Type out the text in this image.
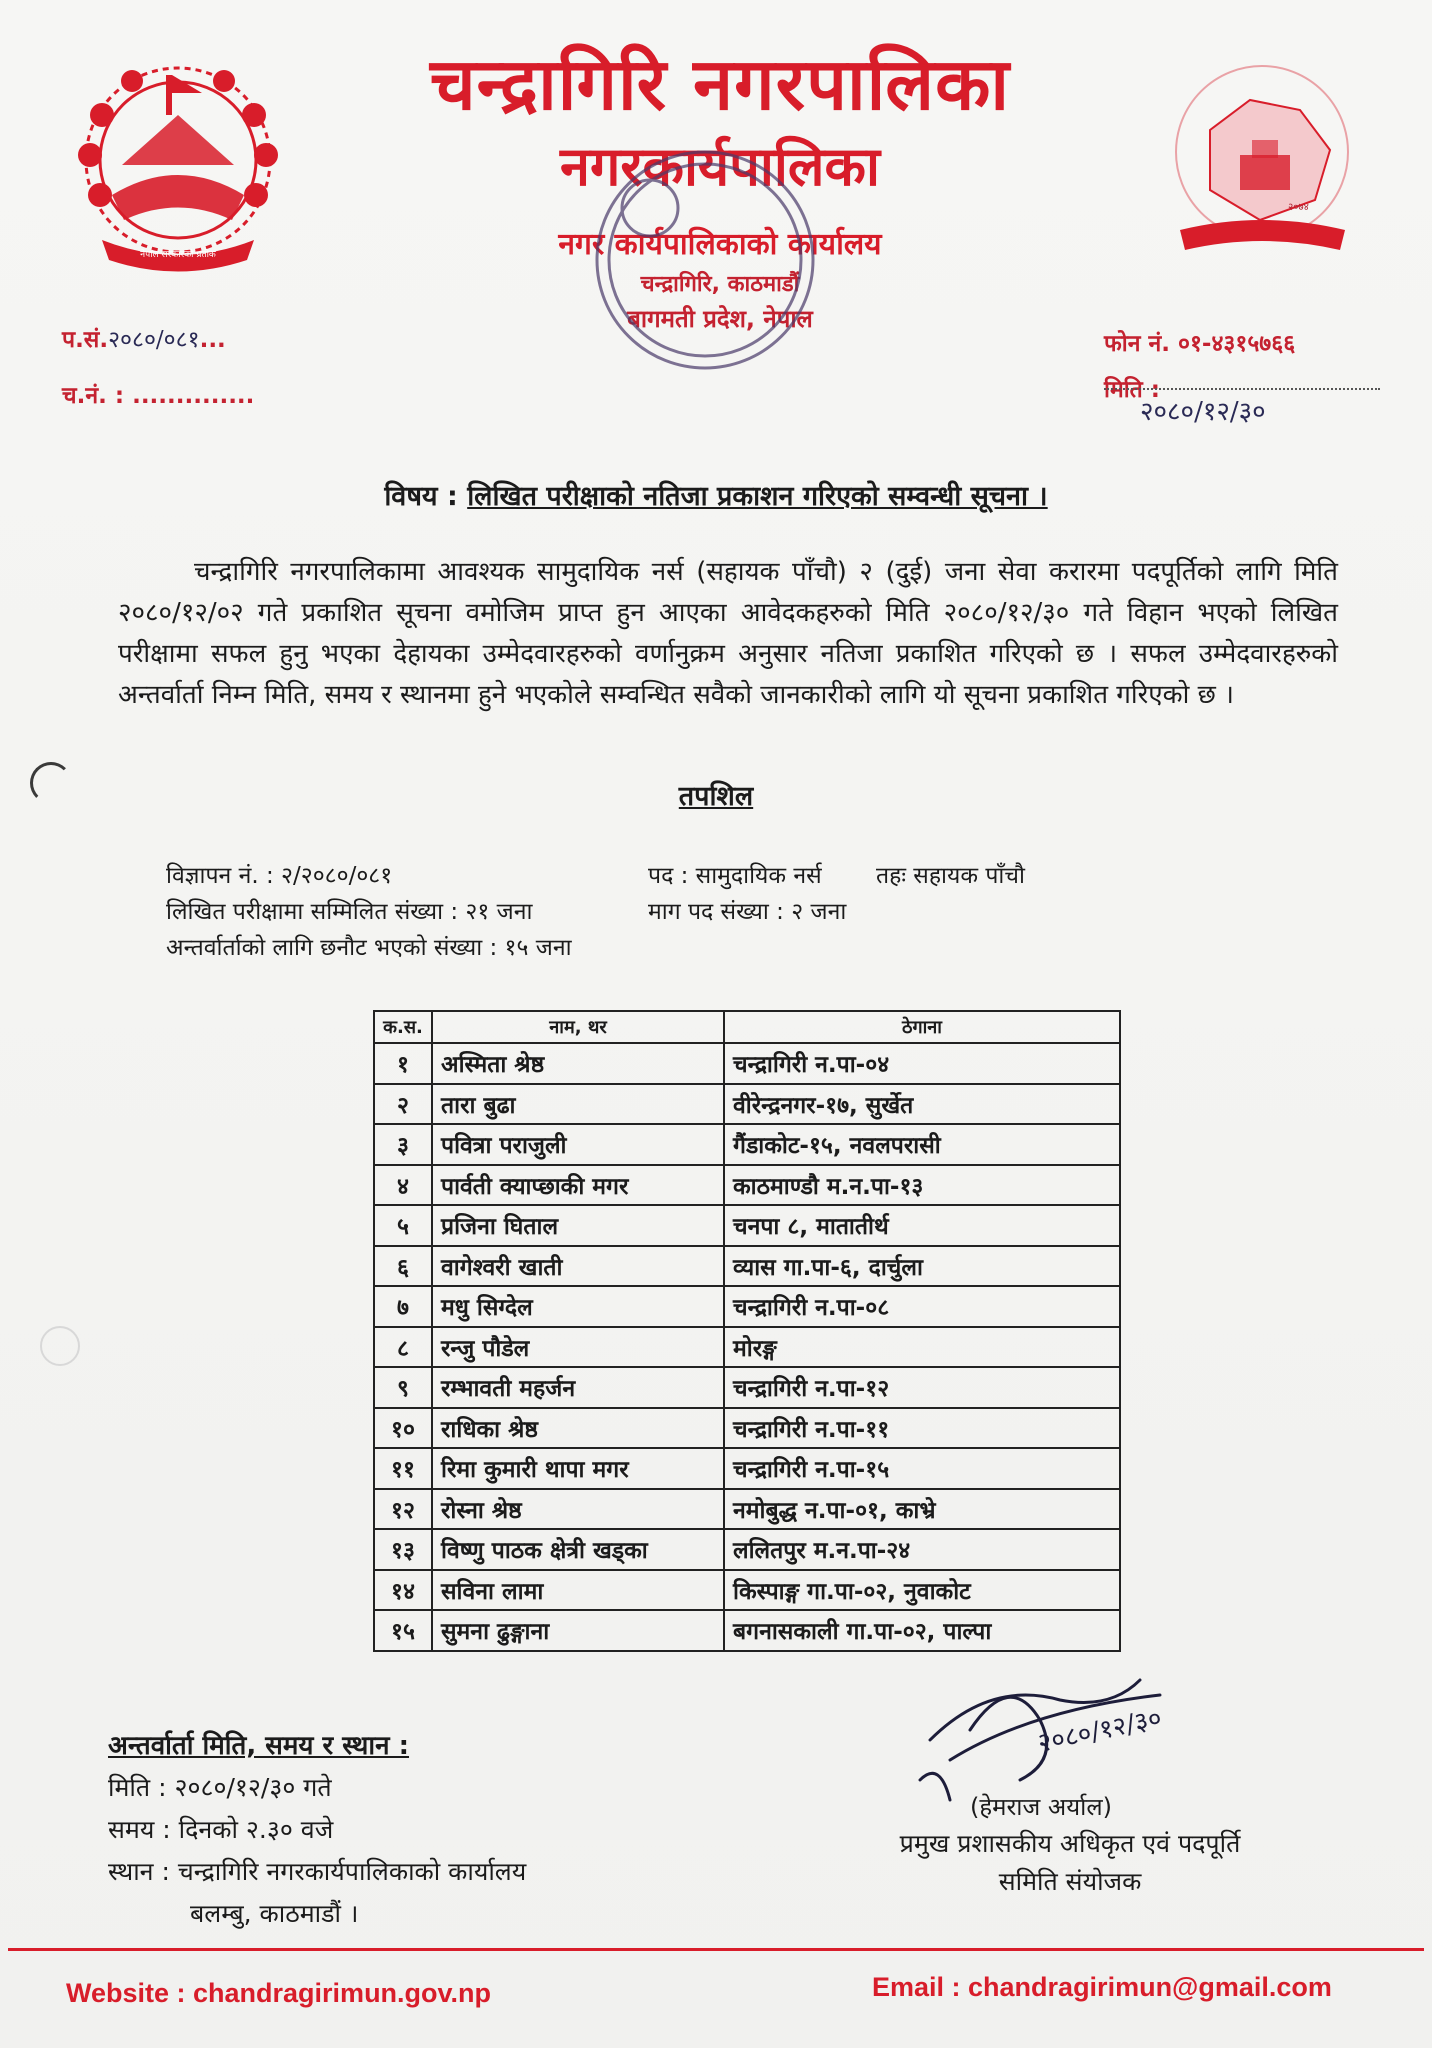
नेपाल सरकारको प्रतीक
२०७४
चन्द्रागिरि नगरपालिका
नगरकार्यपालिका
नगर कार्यपालिकाको कार्यालय
चन्द्रागिरि, काठमाडौं
बागमती प्रदेश, नेपाल
प.सं.२०८०/०८१...
च.नं. : ..............
फोन नं. ०१-४३१५७६६
मिति :
२०८०/१२/३०
विषय : लिखित परीक्षाको नतिजा प्रकाशन गरिएको सम्वन्धी सूचना ।
चन्द्रागिरि नगरपालिकामा आवश्यक सामुदायिक नर्स (सहायक पाँचौ) २ (दुई) जना सेवा करारमा पदपूर्तिको लागि मिति २०८०/१२/०२ गते प्रकाशित सूचना वमोजिम प्राप्त हुन आएका आवेदकहरुको मिति २०८०/१२/३० गते विहान भएको लिखित परीक्षामा सफल हुनु भएका देहायका उम्मेदवारहरुको वर्णानुक्रम अनुसार नतिजा प्रकाशित गरिएको छ । सफल उम्मेदवारहरुको अन्तर्वार्ता निम्न मिति, समय र स्थानमा हुने भएकोले सम्वन्धित सवैको जानकारीको लागि यो सूचना प्रकाशित गरिएको छ ।
तपशिल
विज्ञापन नं. : २/२०८०/०८१	पद : सामुदायिक नर्स तहः सहायक पाँचौ
लिखित परीक्षामा सम्मिलित संख्या : २१ जना	माग पद संख्या : २ जना
अन्तर्वार्ताको लागि छनौट भएको संख्या : १५ जना
क.स.	नाम, थर	ठेगाना
१	अस्मिता श्रेष्ठ	चन्द्रागिरी न.पा-०४
२	तारा बुढा	वीरेन्द्रनगर-१७, सुर्खेत
३	पवित्रा पराजुली	गैंडाकोट-१५, नवलपरासी
४	पार्वती क्याप्छाकी मगर	काठमाण्डौ म.न.पा-१३
५	प्रजिना घिताल	चनपा ८, मातातीर्थ
६	वागेश्वरी खाती	व्यास गा.पा-६, दार्चुला
७	मधु सिग्देल	चन्द्रागिरी न.पा-०८
८	रन्जु पौडेल	मोरङ्ग
९	रम्भावती महर्जन	चन्द्रागिरी न.पा-१२
१०	राधिका श्रेष्ठ	चन्द्रागिरी न.पा-११
११	रिमा कुमारी थापा मगर	चन्द्रागिरी न.पा-१५
१२	रोस्ना श्रेष्ठ	नमोबुद्ध न.पा-०१, काभ्रे
१३	विष्णु पाठक क्षेत्री खड्का	ललितपुर म.न.पा-२४
१४	सविना लामा	किस्पाङ्ग गा.पा-०२, नुवाकोट
१५	सुमना ढुङ्गाना	बगनासकाली गा.पा-०२, पाल्पा
अन्तर्वार्ता मिति, समय र स्थान :
मिति : २०८०/१२/३० गते
समय : दिनको २.३० वजे
स्थान : चन्द्रागिरि नगरकार्यपालिकाको कार्यालय
बलम्बु, काठमाडौं ।
२०८०/१२/३०
(हेमराज अर्याल)
प्रमुख प्रशासकीय अधिकृत एवं पदपूर्ति
समिति संयोजक
Website : chandragirimun.gov.np	Email : chandragirimun@gmail.com
